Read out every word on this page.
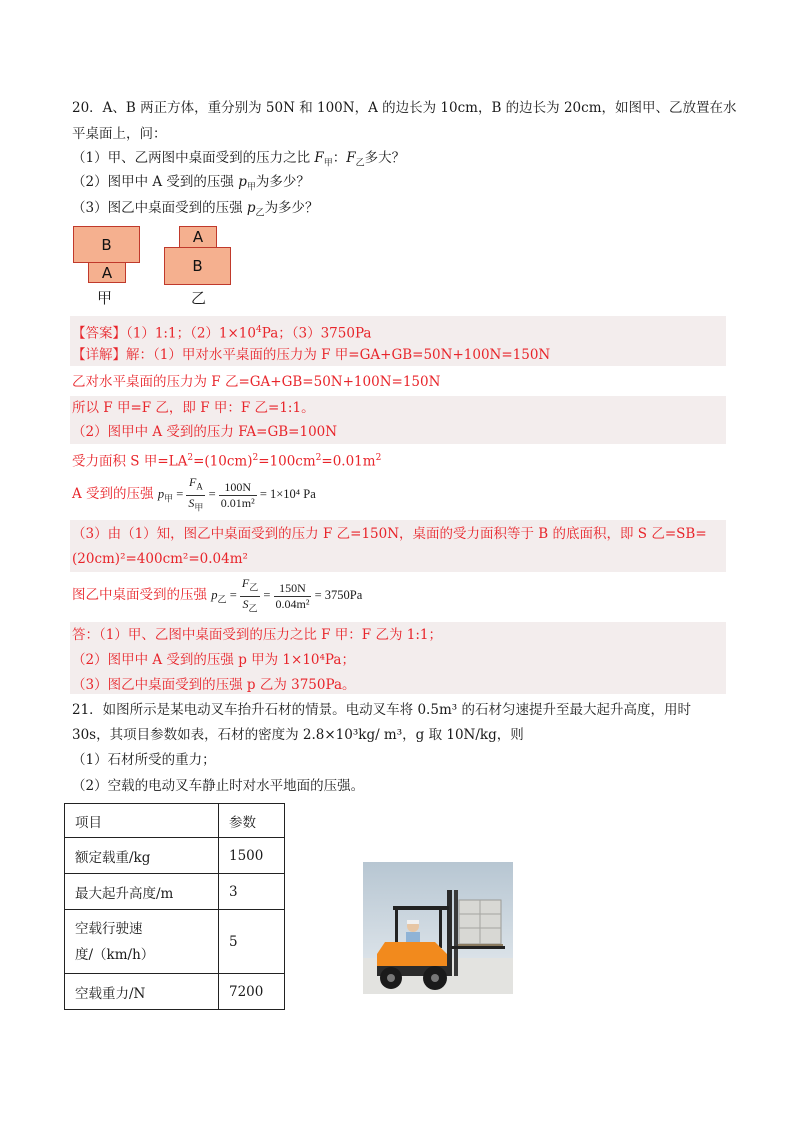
20．A、B 两正方体，重分别为 50N 和 100N，A 的边长为 10cm，B 的边长为 20cm，如图甲、乙放置在水
平桌面上，问：
（1）甲、乙两图中桌面受到的压力之比 $F_甲$：$F_乙$多大？
（2）图甲中 A 受到的压强 $p_甲$为多少？
（3）图乙中桌面受到的压强 $p_乙$为多少？
B
A
甲
A
B
乙
【答案】（1）1:1；$(2)1\times 10^4Pa$；（3）3750Pa
【详解】解：（1）甲对水平桌面的压力为 F 甲=GA+GB=50N+100N=150N
乙对水平桌面的压力为 F 乙=GA+GB=50N+100N=150N
所以 F 甲=F 乙，即 F 甲：F 乙=1:1。
（2）图甲中 A 受到的压力 FA=GB=100N
受力面积 S 甲$=LA^2=(10cm)^2=100cm^2=0.01m^2$
A 受到的压强 $p_甲 = \frac{F_A}{S_甲} = \frac{100N}{\text{0.01m²}} = 1\times 10^4$ Pa
（3）由（1）知，图乙中桌面受到的压力 F 乙=150N，桌面的受力面积等于 B 的底面积，即 S 乙=SB=
(20cm)²=400cm²=0.04m²
图乙中桌面受到的压强 $p_乙 = \frac{F_乙}{S_乙} = \frac{150N}{\text{0.04m²}} = 3750Pa$
答：（1）甲、乙图中桌面受到的压力之比 F 甲：F 乙为 1:1；
（2）图甲中 A 受到的压强 p 甲为 1×10⁴Pa；
（3）图乙中桌面受到的压强 p 乙为 3750Pa。
21．如图所示是某电动叉车抬升石材的情景。电动叉车将 0.5m³ 的石材匀速提升至最大起升高度，用时
30s，其项目参数如表，石材的密度为 2.8×10³kg/ m³，g 取 10N/kg，则
（1）石材所受的重力；
（2）空载的电动叉车静止时对水平地面的压强。
项目	参数
额定载重/kg	1500
最大起升高度/m	3

空载行驶速
度/（km/h）	5
空载重力/N	7200
